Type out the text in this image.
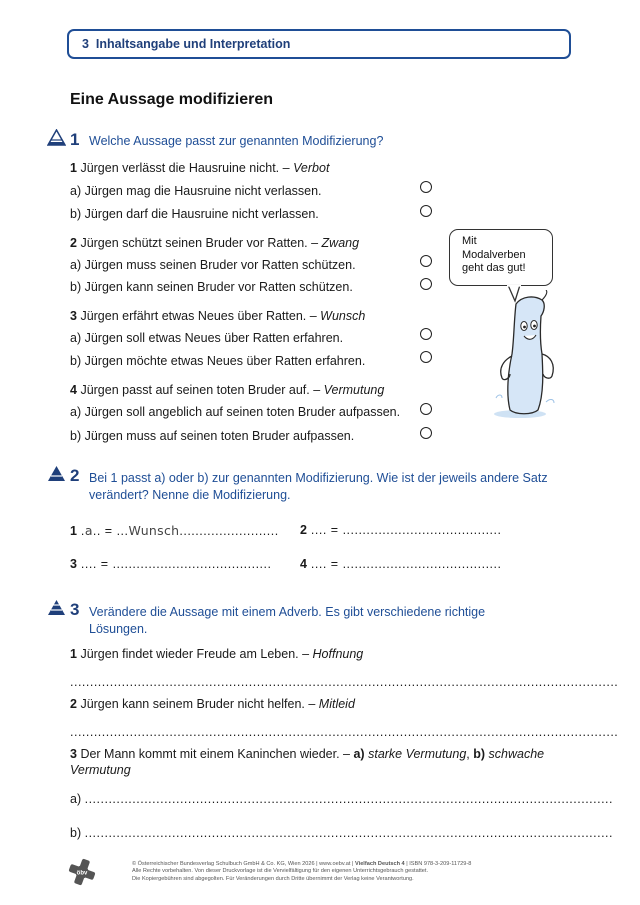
3
Inhaltsangabe und Interpretation
Eine Aussage modifizieren
1 Welche Aussage passt zur genannten Modifizierung?
1 Jürgen verlässt die Hausruine nicht. – Verbot
a) Jürgen mag die Hausruine nicht verlassen.
b) Jürgen darf die Hausruine nicht verlassen.
2 Jürgen schützt seinen Bruder vor Ratten. – Zwang
a) Jürgen muss seinen Bruder vor Ratten schützen.
b) Jürgen kann seinen Bruder vor Ratten schützen.
3 Jürgen erfährt etwas Neues über Ratten. – Wunsch
a) Jürgen soll etwas Neues über Ratten erfahren.
b) Jürgen möchte etwas Neues über Ratten erfahren.
4 Jürgen passt auf seinen toten Bruder auf. – Vermutung
a) Jürgen soll angeblich auf seinen toten Bruder aufpassen.
b) Jürgen muss auf seinen toten Bruder aufpassen.
Mit
Modalverben
geht das gut!
2 Bei 1 passt a) oder b) zur genannten Modifizierung. Wie ist der jeweils andere Satz
verändert? Nenne die Modifizierung.
1 .a.. = ...Wunsch......................... 2 .... = ........................................
3 .... = ........................................ 4 .... = ........................................
3 Verändere die Aussage mit einem Adverb. Es gibt verschiedene richtige
Lösungen.
1 Jürgen findet wieder Freude am Leben. – Hoffnung
..........................................................................................................................................
2 Jürgen kann seinem Bruder nicht helfen. – Mitleid
..........................................................................................................................................
3 Der Mann kommt mit einem Kaninchen wieder. – a) starke Vermutung, b) schwache
Vermutung
a) .....................................................................................................................................
b) .....................................................................................................................................
öbv
© Österreichischer Bundesverlag Schulbuch GmbH & Co. KG, Wien 2026 | www.oebv.at | Vielfach Deutsch 4 | ISBN 978-3-209-11729-8
Alle Rechte vorbehalten. Von dieser Druckvorlage ist die Vervielfältigung für den eigenen Unterrichtsgebrauch gestattet.
Die Kopiergebühren sind abgegolten. Für Veränderungen durch Dritte übernimmt der Verlag keine Verantwortung.
